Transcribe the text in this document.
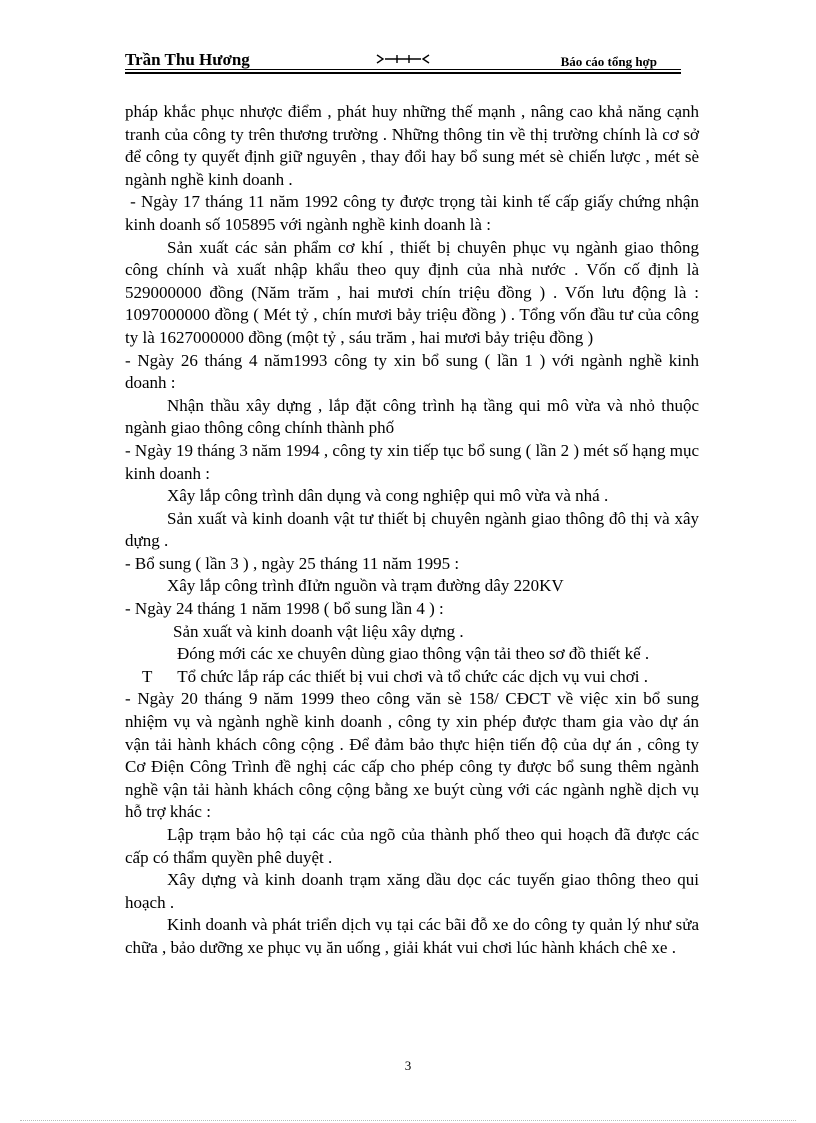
Trần Thu Hương	Báo cáo tổng hợp

pháp khắc phục nhược điểm , phát huy những thế mạnh , nâng cao khả năng cạnh tranh của công ty trên thương trường . Những thông tin về thị trường chính là cơ sở để công ty quyết định giữ nguyên , thay đổi hay bổ sung mét sè chiến lược , mét sè ngành nghề kinh doanh .

- Ngày 17 tháng 11 năm 1992 công ty được trọng tài kinh tế cấp giấy chứng nhận kinh doanh số 105895 với ngành nghề kinh doanh là :

Sản xuất các sản phẩm cơ khí , thiết bị chuyên phục vụ ngành giao thông công chính và xuất nhập khẩu theo quy định của nhà nước . Vốn cố định là 529000000 đồng (Năm trăm , hai mươi chín triệu đồng ) . Vốn lưu động là : 1097000000 đồng ( Mét tỷ , chín mươi bảy triệu đồng ) . Tổng vốn đầu tư của công ty là 1627000000 đồng (một tỷ , sáu trăm , hai mươi bảy triệu đồng )

- Ngày 26 tháng 4 năm1993 công ty xin bổ sung ( lần 1 ) với ngành nghề kinh doanh :

Nhận thầu xây dựng , lắp đặt công trình hạ tầng qui mô vừa và nhỏ thuộc ngành giao thông công chính thành phố

- Ngày 19 tháng 3 năm 1994 , công ty xin tiếp tục bổ sung ( lần 2 ) mét số hạng mục kinh doanh :

Xây lắp công trình dân dụng và cong nghiệp qui mô vừa và nhá .

Sản xuất và kinh doanh vật tư thiết bị chuyên ngành giao thông đô thị và xây dựng .

- Bổ sung ( lần 3 ) , ngày 25 tháng 11 năm 1995 :

Xây lắp công trình đIửn nguồn và trạm đường dây 220KV

- Ngày 24 tháng 1 năm 1998 ( bổ sung lần 4 ) :

Sản xuất và kinh doanh vật liệu xây dựng .

Đóng mới các xe chuyên dùng giao thông vận tải theo sơ đồ thiết kế .

T      Tổ chức lắp ráp các thiết bị vui chơi và tổ chức các dịch vụ vui chơi .

- Ngày 20 tháng 9 năm 1999 theo công văn sè 158/ CĐCT về việc xin bổ sung nhiệm vụ và ngành nghề kinh doanh , công ty xin phép được tham gia vào dự án vận tải hành khách công cộng . Để đảm bảo thực hiện tiến độ của dự án , công ty Cơ Điện Công Trình đề nghị các cấp cho phép công ty được bổ sung thêm ngành nghề vận tải hành khách công cộng bằng xe buýt cùng với các ngành nghề dịch vụ hỗ trợ khác :

Lập trạm bảo hộ tại các của ngõ của thành phố theo qui hoạch đã được các cấp có thẩm quyền phê duyệt .

Xây dựng và kinh doanh trạm xăng dầu dọc các tuyến giao thông theo qui hoạch .

Kinh doanh và phát triển dịch vụ tại các bãi đỗ xe do công ty quản lý như sửa chữa , bảo dưỡng xe phục vụ ăn uống , giải khát vui chơi lúc hành khách chê xe .

3
